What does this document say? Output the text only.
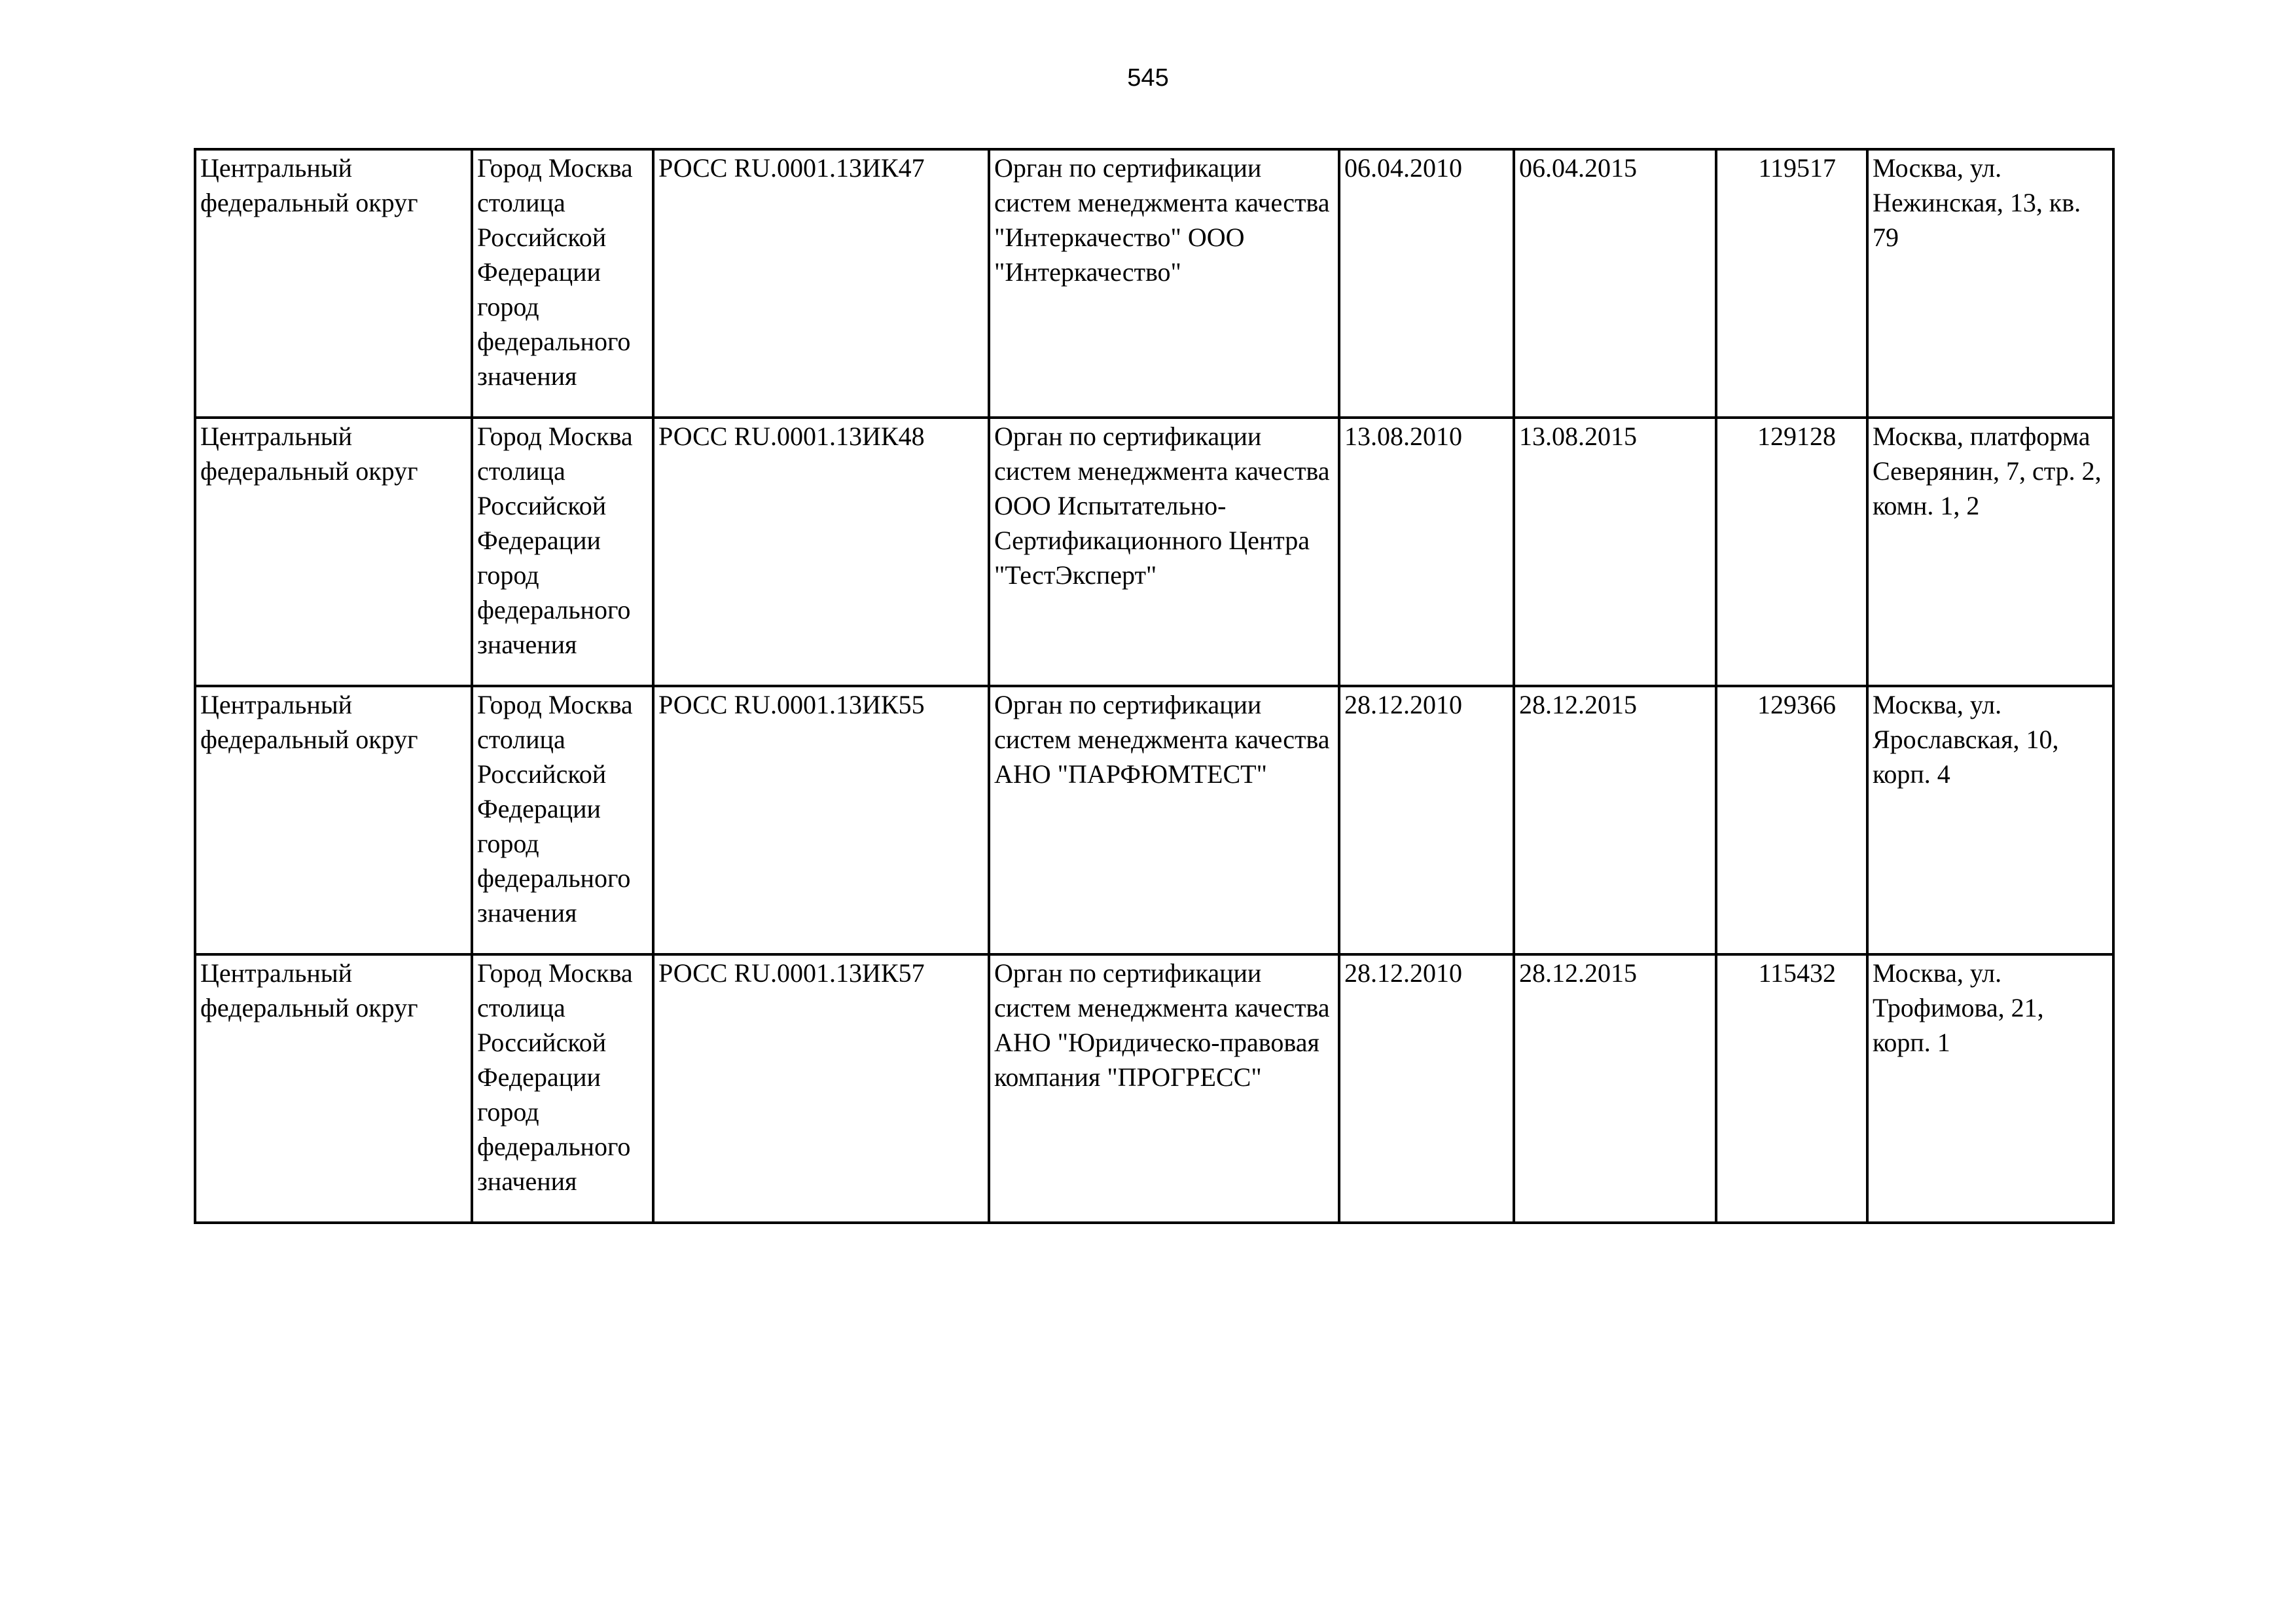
545
Центральный федеральный округ	Город Москва столица Российской Федерации город федерального значения	РОСС RU.0001.13ИК47	Орган по сертификации систем менеджмента качества "Интеркачество" ООО "Интеркачество"	06.04.2010	06.04.2015	119517	Москва, ул. Нежинская, 13, кв. 79

Центральный федеральный округ	Город Москва столица Российской Федерации город федерального значения	РОСС RU.0001.13ИК48	Орган по сертификации систем менеджмента качества ООО Испытательно-Сертификационного Центра "ТестЭксперт"	13.08.2010	13.08.2015	129128	Москва, платформа Северянин, 7, стр. 2, комн. 1, 2

Центральный федеральный округ	Город Москва столица Российской Федерации город федерального значения	РОСС RU.0001.13ИК55	Орган по сертификации систем менеджмента качества АНО "ПАРФЮМТЕСТ"	28.12.2010	28.12.2015	129366	Москва, ул. Ярославская, 10, корп. 4

Центральный федеральный округ	Город Москва столица Российской Федерации город федерального значения	РОСС RU.0001.13ИК57	Орган по сертификации систем менеджмента качества АНО "Юридическо-правовая компания "ПРОГРЕСС"	28.12.2010	28.12.2015	115432	Москва, ул. Трофимова, 21, корп. 1
